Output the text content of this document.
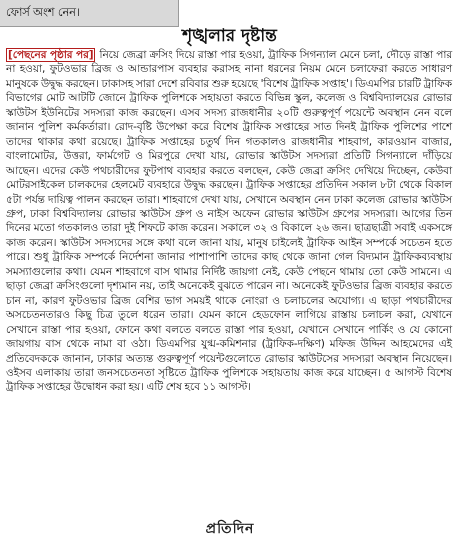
ফোর্স অংশ নেন।
শৃঙ্খলার দৃষ্টান্ত
[পেছনের পৃষ্ঠার পর] নিয়ে জেব্রা ক্রসিং দিয়ে রাস্তা পার হওয়া, ট্রাফিক সিগন্যাল মেনে চলা, দৌড়ে রাস্তা পার না হওয়া, ফুটওভার ব্রিজ ও আন্ডারপাস ব্যবহার করাসহ নানা ধরনের নিয়ম মেনে চলাফেরা করতে সাধারণ মানুষকে উদ্বুদ্ধ করছেন। ঢাকাসহ সারা দেশে রবিবার শুরু হয়েছে 'বিশেষ ট্রাফিক সপ্তাহ'। ডিএমপির চারটি ট্রাফিক বিভাগের মোট আটটি জোনে ট্রাফিক পুলিশকে সহায়তা করতে বিভিন্ন স্কুল, কলেজ ও বিশ্ববিদ্যালয়ের রোভার স্কাউটস ইউনিটের সদস্যরা কাজ করছেন। এসব সদস্য রাজধানীর ২০টি গুরুত্বপূর্ণ পয়েন্টে অবস্থান নেন বলে জানান পুলিশ কর্মকর্তারা। রোদ-বৃষ্টি উপেক্ষা করে বিশেষ ট্রাফিক সপ্তাহের সাত দিনই ট্রাফিক পুলিশের পাশে তাদের থাকার কথা রয়েছে। ট্রাফিক সপ্তাহের চতুর্থ দিন গতকালও রাজধানীর শাহবাগ, কারওয়ান বাজার, বাংলামোটর, উত্তরা, ফার্মগেট ও মিরপুরে দেখা যায়, রোভার স্কাউটস সদস্যরা প্রতিটি সিগন্যালে দাঁড়িয়ে আছেন। এদের কেউ পথচারীদের ফুটপাথ ব্যবহার করতে বলছেন, কেউ জেব্রা ক্রসিং দেখিয়ে দিচ্ছেন, কেউবা মোটরসাইকেল চালকদের হেলমেট ব্যবহারে উদ্বুদ্ধ করছেন। ট্রাফিক সপ্তাহের প্রতিদিন সকাল ৮টা থেকে বিকাল ৫টা পর্যন্ত দায়িত্ব পালন করছেন তারা। শাহবাগে দেখা যায়, সেখানে অবস্থান নেন ঢাকা কলেজ রোভার স্কাউটস গ্রুপ, ঢাকা বিশ্ববিদ্যালয় রোভার স্কাউটস গ্রুপ ও নাইস অফেন রোভার স্কাউটস গ্রুপের সদস্যরা। আগের তিন দিনের মতো গতকালও তারা দুই শিফটে কাজ করেন। সকালে ৩২ ও বিকালে ২৬ জন। ছাত্রছাত্রী সবাই একসঙ্গে কাজ করেন। স্কাউটস সদস্যদের সঙ্গে কথা বলে জানা যায়, মানুষ চাইলেই ট্রাফিক আইন সম্পর্কে সচেতন হতে পারে। শুধু ট্রাফিক সম্পর্কে নির্দেশনা জানার পাশাপাশি তাদের কাছ থেকে জানা গেল বিদ্যমান ট্রাফিকব্যবস্থায় সমস্যাগুলোর কথা। যেমন শাহবাগে বাস থামার নির্দিষ্ট জায়গা নেই, কেউ পেছনে থামায় তো কেউ সামনে। এ ছাড়া জেব্রা ক্রসিংগুলো দৃশ্যমান নয়, তাই অনেকেই বুঝতে পারেন না। অনেকেই ফুটওভার ব্রিজ ব্যবহার করতে চান না, কারণ ফুটওভার ব্রিজ বেশির ভাগ সময়ই থাকে নোংরা ও চলাচলের অযোগ্য। এ ছাড়া পথচারীদের অসচেতনতারও কিছু চিত্র তুলে ধরেন তারা। যেমন কানে হেডফোন লাগিয়ে রাস্তায় চলাচল করা, যেখানে সেখানে রাস্তা পার হওয়া, ফোনে কথা বলতে বলতে রাস্তা পার হওয়া, যেখানে সেখানে পার্কিং ও যে কোনো জায়গায় বাস থেকে নামা বা ওঠা। ডিএমপির যুগ্ম-কমিশনার (ট্রাফিক-দক্ষিণ) মফিজ উদ্দিন আহমেদের এই প্রতিবেদককে জানান, ঢাকার অত্যন্ত গুরুত্বপূর্ণ পয়েন্টগুলোতে রোভার স্কাউটসের সদস্যরা অবস্থান নিয়েছেন। ওইসব এলাকায় তারা জনসচেতনতা সৃষ্টিতে ট্রাফিক পুলিশকে সহায়তায় কাজ করে যাচ্ছেন। ৫ আগস্ট বিশেষ ট্রাফিক সপ্তাহের উদ্বোধন করা হয়। এটি শেষ হবে ১১ আগস্ট।
প্রতিদিন
